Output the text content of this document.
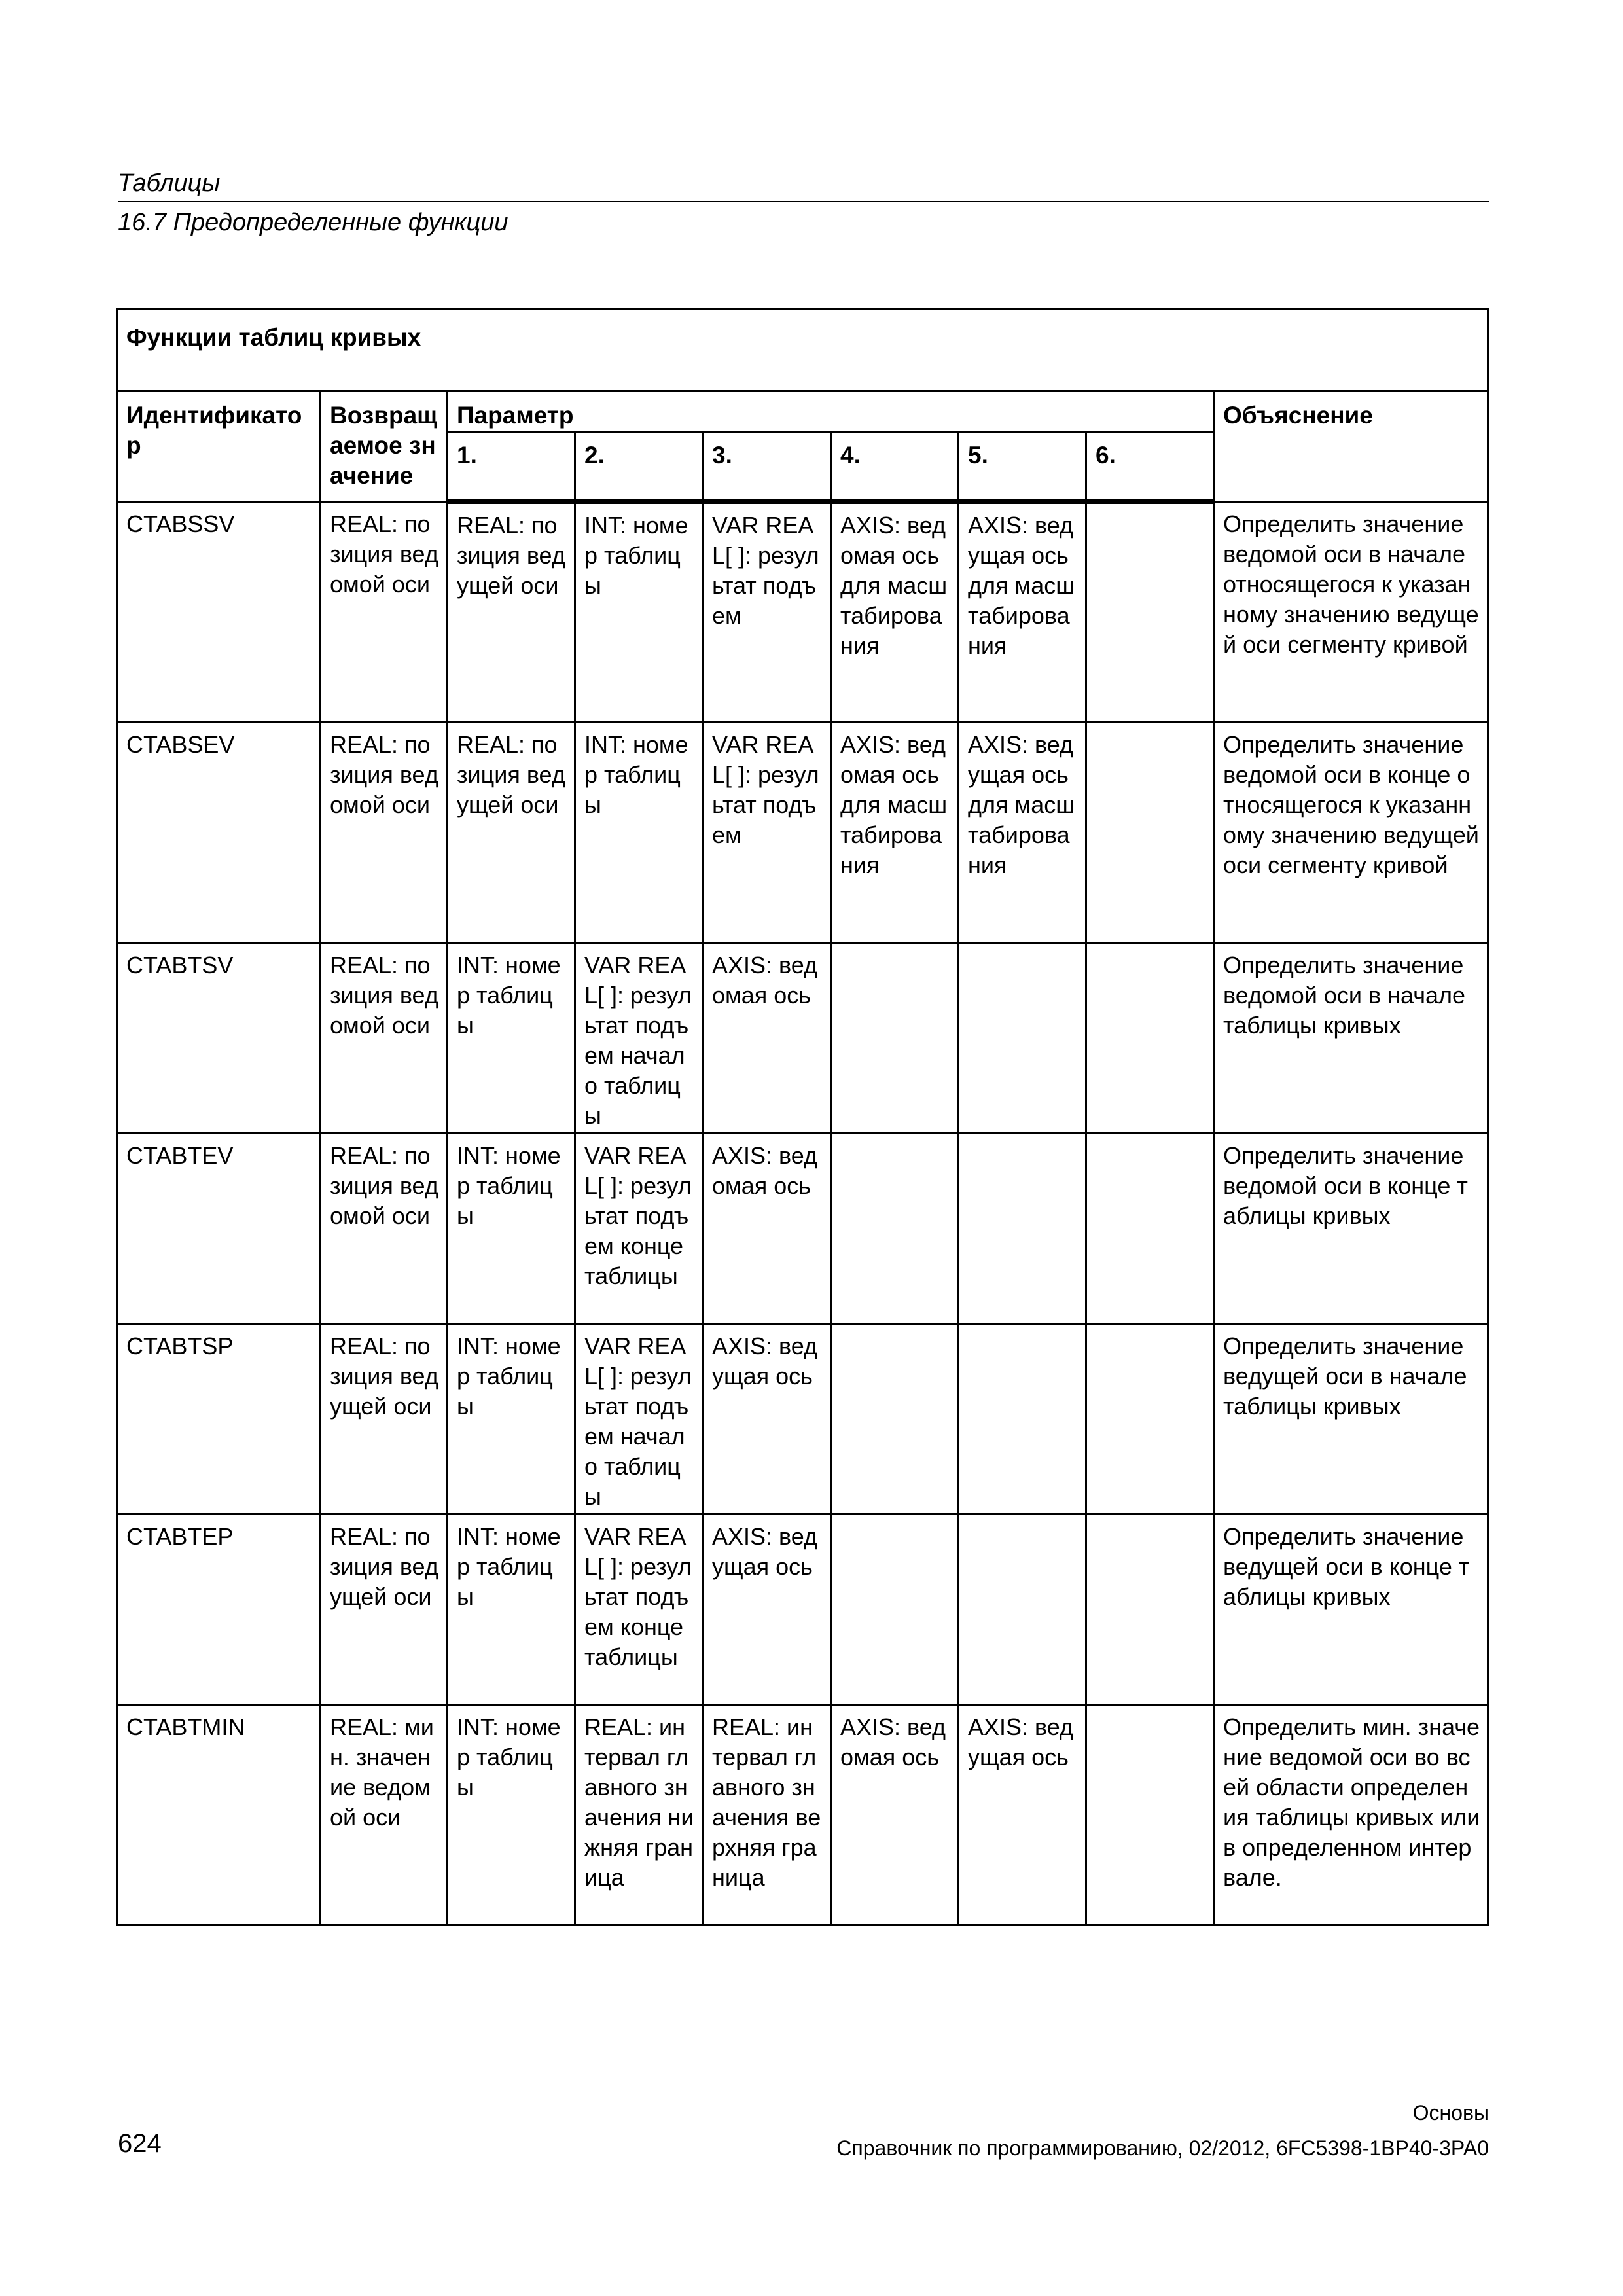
Таблицы
16.7 Предопределенные функции
Функции таблиц кривых								
Идентификатор	Возвращаемое значение	Параметр						Объяснение
		1.	2.	3.	4.	5.	6.	
CTABSSV	REAL: позиция ведомой оси	REAL: позиция ведущей оси	INT: номер таблицы	VAR REAL[ ]: результат подъем	AXIS: ведомая ось для масштабирования	AXIS: ведущая ось для масштабирования		Определить значение ведомой оси в начале относящегося к указанному значению ведущей оси сегменту кривой
CTABSEV	REAL: позиция ведомой оси	REAL: позиция ведущей оси	INT: номер таблицы	VAR REAL[ ]: результат подъем	AXIS: ведомая ось для масштабирования	AXIS: ведущая ось для масштабирования		Определить значение ведомой оси в конце относящегося к указанному значению ведущей оси сегменту кривой
CTABTSV	REAL: позиция ведомой оси	INT: номер таблицы	VAR REAL[ ]: результат подъем начало таблицы	AXIS: ведомая ось				Определить значение ведомой оси в начале таблицы кривых
CTABTEV	REAL: позиция ведомой оси	INT: номер таблицы	VAR REAL[ ]: результат подъем конце таблицы	AXIS: ведомая ось				Определить значение ведомой оси в конце таблицы кривых
CTABTSP	REAL: позиция ведущей оси	INT: номер таблицы	VAR REAL[ ]: результат подъем начало таблицы	AXIS: ведущая ось				Определить значение ведущей оси в начале таблицы кривых
CTABTEP	REAL: позиция ведущей оси	INT: номер таблицы	VAR REAL[ ]: результат подъем конце таблицы	AXIS: ведущая ось				Определить значение ведущей оси в конце таблицы кривых
CTABTMIN	REAL: мин. значение ведомой оси	INT: номер таблицы	REAL: интервал главного значения нижняя граница	REAL: интервал главного значения верхняя граница	AXIS: ведомая ось	AXIS: ведущая ось		Определить мин. значение ведомой оси во всей области определения таблицы кривых или в определенном интервале.
Основы
624	Справочник по программированию, 02/2012, 6FC5398-1BP40-3PA0
